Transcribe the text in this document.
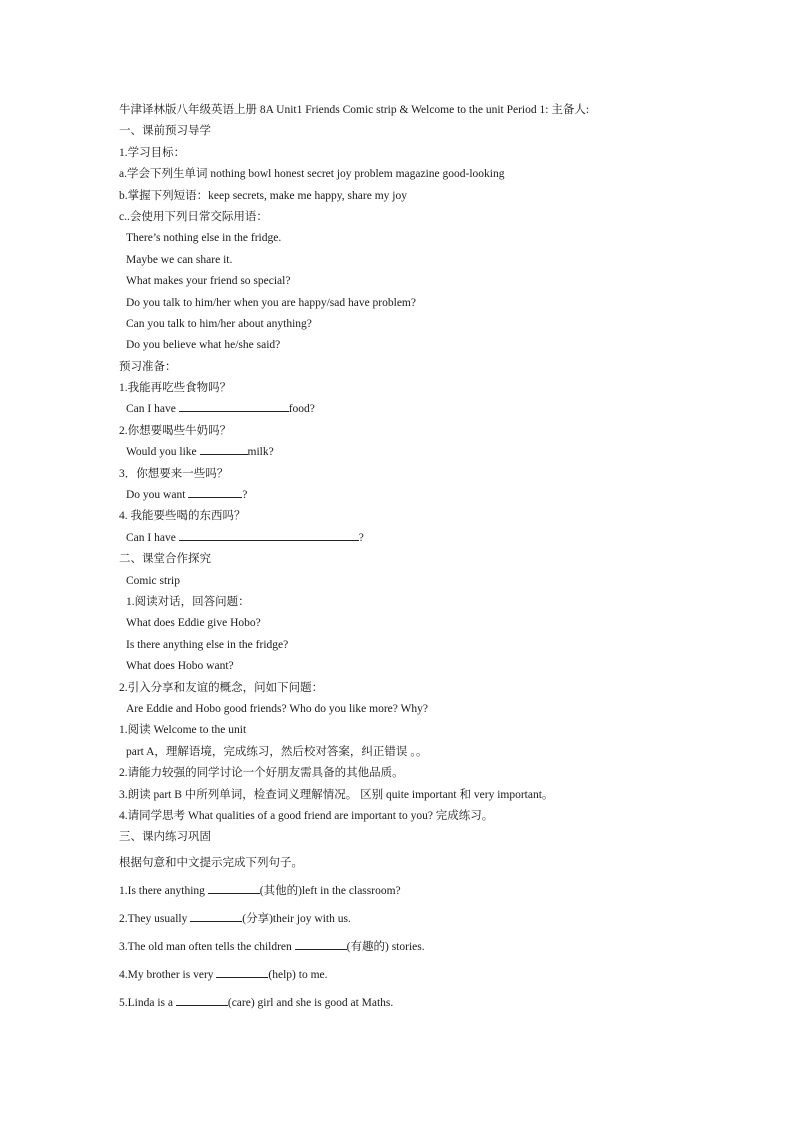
牛津译林版八年级英语上册 8A Unit1 Friends Comic strip & Welcome to the unit Period 1: 主备人:
一、课前预习导学
1.学习目标：
a.学会下列生单词 nothing bowl honest secret joy problem magazine good-looking
b.掌握下列短语：keep secrets, make me happy, share my joy
c..会使用下列日常交际用语：
There’s nothing else in the fridge.
Maybe we can share it.
What makes your friend so special?
Do you talk to him/her when you are happy/sad have problem?
Can you talk to him/her about anything?
Do you believe what he/she said?
预习准备：
1.我能再吃些食物吗？
Can I have	food?
2.你想要喝些牛奶吗？
Would you like	milk?
3．你想要来一些吗？
Do you want	?
4. 我能要些喝的东西吗？
Can I have	?
二、课堂合作探究
Comic strip
1.阅读对话，回答问题：
What does Eddie give Hobo?
Is there anything else in the fridge?
What does Hobo want?
2.引入分享和友谊的概念，问如下问题：
Are Eddie and Hobo good friends? Who do you like more? Why?
1.阅读 Welcome to the unit
part A，理解语境，完成练习，然后校对答案，纠正错误 。。
2.请能力较强的同学讨论一个好朋友需具备的其他品质。
3.朗读 part B 中所列单词，检查词义理解情况。 区别 quite important 和 very important。
4.请同学思考 What qualities of a good friend are important to you? 完成练习。
三、课内练习巩固
根据句意和中文提示完成下列句子。
1.Is there anything	(其他的)left in the classroom?
2.They usually	(分享)their joy with us.
3.The old man often tells the children	(有趣的) stories.
4.My brother is very	(help) to me.
5.Linda is a	(care) girl and she is good at Maths.
